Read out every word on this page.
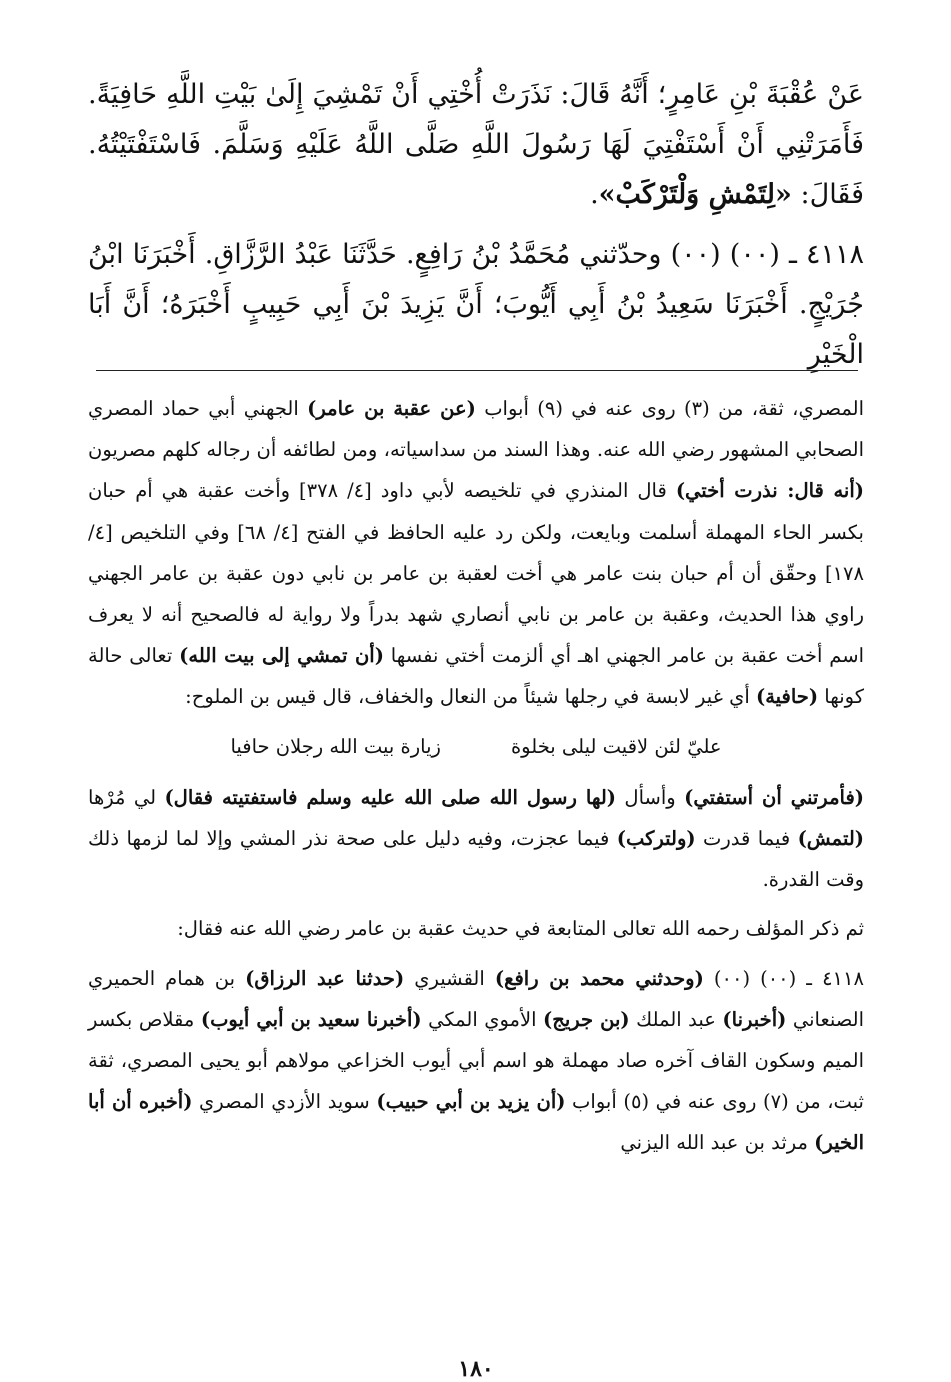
عَنْ عُقْبَةَ بْنِ عَامِرٍ؛ أَنَّهُ قَالَ: نَذَرَتْ أُخْتِي أَنْ تَمْشِيَ إِلَىٰ بَيْتِ اللَّهِ حَافِيَةً. فَأَمَرَتْنِي أَنْ أَسْتَفْتِيَ لَهَا رَسُولَ اللَّهِ صَلَّى اللَّهُ عَلَيْهِ وَسَلَّمَ. فَاسْتَفْتَيْتُهُ. فَقَالَ: «لِتَمْشِ وَلْتَرْكَبْ».

٤١١٨ ـ (٠٠) (٠٠) وحدّثني مُحَمَّدُ بْنُ رَافِعٍ. حَدَّثَنَا عَبْدُ الرَّزَّاقِ. أَخْبَرَنَا ابْنُ جُرَيْجٍ. أَخْبَرَنَا سَعِيدُ بْنُ أَبِي أَيُّوبَ؛ أَنَّ يَزِيدَ بْنَ أَبِي حَبِيبٍ أَخْبَرَهُ؛ أَنَّ أَبَا الْخَيْرِ

المصري، ثقة، من (٣) روى عنه في (٩) أبواب (عن عقبة بن عامر) الجهني أبي حماد المصري الصحابي المشهور رضي الله عنه. وهذا السند من سداسياته، ومن لطائفه أن رجاله كلهم مصريون (أنه قال: نذرت أختي) قال المنذري في تلخيصه لأبي داود [٤/ ٣٧٨] وأخت عقبة هي أم حبان بكسر الحاء المهملة أسلمت وبايعت، ولكن رد عليه الحافظ في الفتح [٤/ ٦٨] وفي التلخيص [٤/ ١٧٨] وحقّق أن أم حبان بنت عامر هي أخت لعقبة بن عامر بن نابي دون عقبة بن عامر الجهني راوي هذا الحديث، وعقبة بن عامر بن نابي أنصاري شهد بدراً ولا رواية له فالصحيح أنه لا يعرف اسم أخت عقبة بن عامر الجهني اهـ أي ألزمت أختي نفسها (أن تمشي إلى بيت الله) تعالى حالة كونها (حافية) أي غير لابسة في رجلها شيئاً من النعال والخفاف، قال قيس بن الملوح:

عليّ لئن لاقيت ليلى بخلوة
زيارة بيت الله رجلان حافيا

(فأمرتني أن أستفتي) وأسأل (لها رسول الله صلى الله عليه وسلم فاستفتيته فقال) لي مُرْها (لتمش) فيما قدرت (ولتركب) فيما عجزت، وفيه دليل على صحة نذر المشي وإلا لما لزمها ذلك وقت القدرة.

ثم ذكر المؤلف رحمه الله تعالى المتابعة في حديث عقبة بن عامر رضي الله عنه فقال:

٤١١٨ ـ (٠٠) (٠٠) (وحدثني محمد بن رافع) القشيري (حدثنا عبد الرزاق) بن همام الحميري الصنعاني (أخبرنا) عبد الملك (بن جريج) الأموي المكي (أخبرنا سعيد بن أبي أيوب) مقلاص بكسر الميم وسكون القاف آخره صاد مهملة هو اسم أبي أيوب الخزاعي مولاهم أبو يحيى المصري، ثقة ثبت، من (٧) روى عنه في (٥) أبواب (أن يزيد بن أبي حبيب) سويد الأزدي المصري (أخبره أن أبا الخير) مرثد بن عبد الله اليزني

١٨٠
